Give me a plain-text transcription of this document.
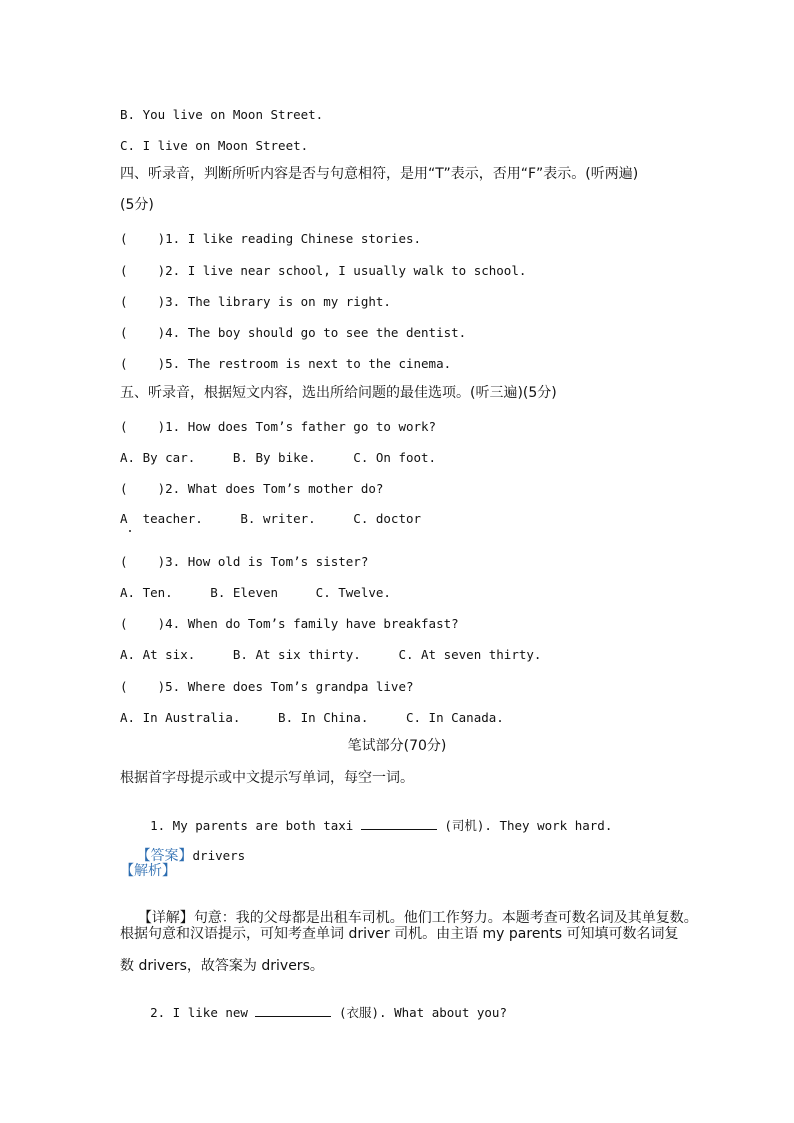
B. You live on Moon Street.
C. I live on Moon Street.
四、听录音，判断所听内容是否与句意相符，是用“T”表示，否用“F”表示。(听两遍)
(5分)
(    )1. I like reading Chinese stories.
(    )2. I live near school, I usually walk to school.
(    )3. The library is on my right.
(    )4. The boy should go to see the dentist.
(    )5. The restroom is next to the cinema.
五、听录音，根据短文内容，选出所给问题的最佳选项。(听三遍)(5分)
(    )1. How does Tom’s father go to work?
A. By car.     B. By bike.     C. On foot.
(    )2. What does Tom’s mother do?
A  teacher.     B. writer.     C. doctor
(    )3. How old is Tom’s sister?
A. Ten.     B. Eleven     C. Twelve.
(    )4. When do Tom’s family have breakfast?
A. At six.     B. At six thirty.     C. At seven thirty.
(    )5. Where does Tom’s grandpa live?
A. In Australia.     B. In China.     C. In Canada.
笔试部分(70分)
根据首字母提示或中文提示写单词，每空一词。

1. My parents are both taxi	(司机). They work hard.

【答案】drivers

【解析】

【详解】句意：我的父母都是出租车司机。他们工作努力。本题考查可数名词及其单复数。

根据句意和汉语提示，可知考查单词 driver 司机。由主语 my parents 可知填可数名词复
数 drivers，故答案为 drivers。

2. I like new	(衣服). What about you?
